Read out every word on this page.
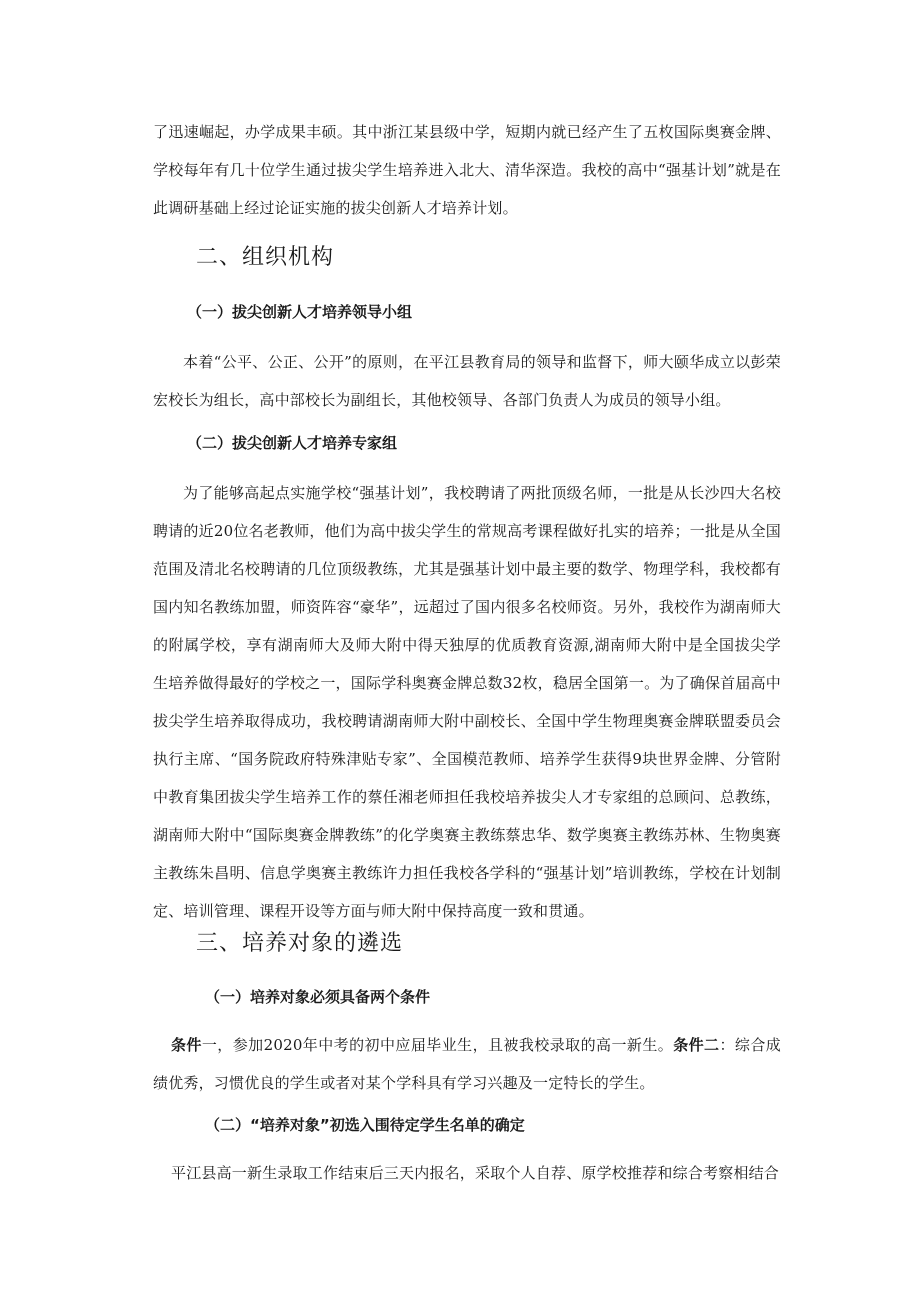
了迅速崛起，办学成果丰硕。其中浙江某县级中学，短期内就已经产生了五枚国际奥赛金牌、学校每年有几十位学生通过拔尖学生培养进入北大、清华深造。我校的高中“强基计划”就是在此调研基础上经过论证实施的拔尖创新人才培养计划。

二、组织机构
（一）拔尖创新人才培养领导小组

本着“公平、公正、公开”的原则，在平江县教育局的领导和监督下，师大颐华成立以彭荣宏校长为组长，高中部校长为副组长，其他校领导、各部门负责人为成员的领导小组。

（二）拔尖创新人才培养专家组

为了能够高起点实施学校“强基计划”，我校聘请了两批顶级名师，一批是从长沙四大名校聘请的近20位名老教师，他们为高中拔尖学生的常规高考课程做好扎实的培养；一批是从全国范围及清北名校聘请的几位顶级教练，尤其是强基计划中最主要的数学、物理学科，我校都有国内知名教练加盟，师资阵容“豪华”，远超过了国内很多名校师资。另外，我校作为湖南师大的附属学校，享有湖南师大及师大附中得天独厚的优质教育资源,湖南师大附中是全国拔尖学生培养做得最好的学校之一，国际学科奥赛金牌总数32枚，稳居全国第一。为了确保首届高中拔尖学生培养取得成功，我校聘请湖南师大附中副校长、全国中学生物理奥赛金牌联盟委员会执行主席、“国务院政府特殊津贴专家”、全国模范教师、培养学生获得9块世界金牌、分管附中教育集团拔尖学生培养工作的蔡任湘老师担任我校培养拔尖人才专家组的总顾问、总教练，湖南师大附中“国际奥赛金牌教练”的化学奥赛主教练蔡忠华、数学奥赛主教练苏林、生物奥赛主教练朱昌明、信息学奥赛主教练许力担任我校各学科的“强基计划”培训教练，学校在计划制定、培训管理、课程开设等方面与师大附中保持高度一致和贯通。

三、培养对象的遴选
（一）培养对象必须具备两个条件

条件一，参加2020年中考的初中应届毕业生，且被我校录取的高一新生。条件二：综合成绩优秀，习惯优良的学生或者对某个学科具有学习兴趣及一定特长的学生。

（二）“培养对象”初选入围待定学生名单的确定

平江县高一新生录取工作结束后三天内报名，采取个人自荐、原学校推荐和综合考察相结合
